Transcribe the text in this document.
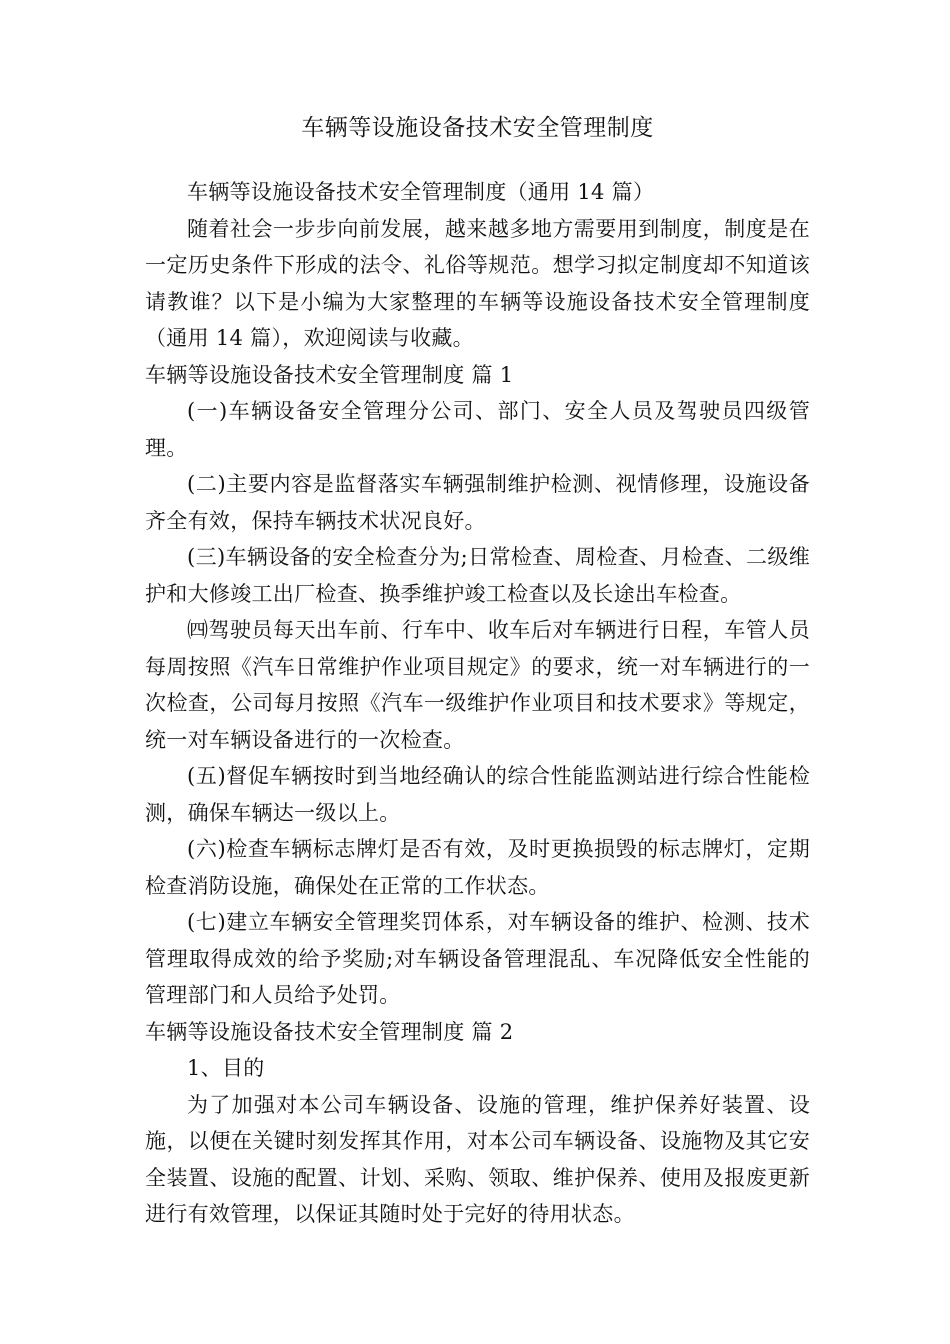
车辆等设施设备技术安全管理制度

车辆等设施设备技术安全管理制度（通用 14 篇）

随着社会一步步向前发展，越来越多地方需要用到制度，制度是在一定历史条件下形成的法令、礼俗等规范。想学习拟定制度却不知道该请教谁？以下是小编为大家整理的车辆等设施设备技术安全管理制度（通用 14 篇），欢迎阅读与收藏。

车辆等设施设备技术安全管理制度 篇 1

(一)车辆设备安全管理分公司、部门、安全人员及驾驶员四级管理。

(二)主要内容是监督落实车辆强制维护检测、视情修理，设施设备齐全有效，保持车辆技术状况良好。

(三)车辆设备的安全检查分为;日常检查、周检查、月检查、二级维护和大修竣工出厂检查、换季维护竣工检查以及长途出车检查。

㈣驾驶员每天出车前、行车中、收车后对车辆进行日程，车管人员每周按照《汽车日常维护作业项目规定》的要求，统一对车辆进行的一次检查，公司每月按照《汽车一级维护作业项目和技术要求》等规定，统一对车辆设备进行的一次检查。

(五)督促车辆按时到当地经确认的综合性能监测站进行综合性能检测，确保车辆达一级以上。

(六)检查车辆标志牌灯是否有效，及时更换损毁的标志牌灯，定期检查消防设施，确保处在正常的工作状态。

(七)建立车辆安全管理奖罚体系，对车辆设备的维护、检测、技术管理取得成效的给予奖励;对车辆设备管理混乱、车况降低安全性能的管理部门和人员给予处罚。

车辆等设施设备技术安全管理制度 篇 2

1、目的

为了加强对本公司车辆设备、设施的管理，维护保养好装置、设施，以便在关键时刻发挥其作用，对本公司车辆设备、设施物及其它安全装置、设施的配置、计划、采购、领取、维护保养、使用及报废更新进行有效管理，以保证其随时处于完好的待用状态。
